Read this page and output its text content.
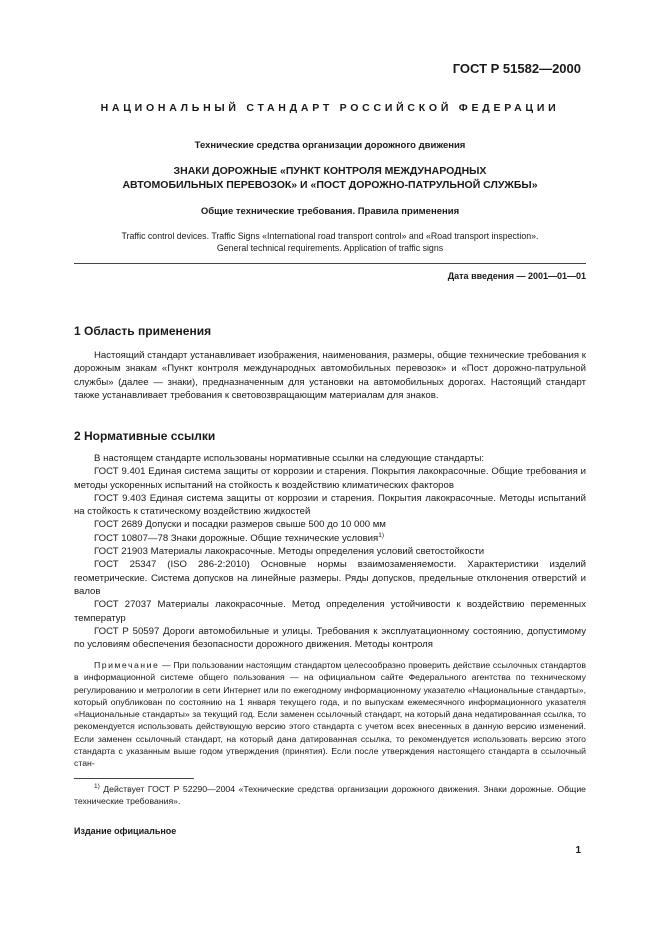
ГОСТ Р 51582—2000
НАЦИОНАЛЬНЫЙ СТАНДАРТ РОССИЙСКОЙ ФЕДЕРАЦИИ
Технические средства организации дорожного движения
ЗНАКИ ДОРОЖНЫЕ «ПУНКТ КОНТРОЛЯ МЕЖДУНАРОДНЫХ
АВТОМОБИЛЬНЫХ ПЕРЕВОЗОК» И «ПОСТ ДОРОЖНО-ПАТРУЛЬНОЙ СЛУЖБЫ»
Общие технические требования. Правила применения
Traffic control devices. Traffic Signs «International road transport control» and «Road transport inspection».
General technical requirements. Application of traffic signs
Дата введения — 2001—01—01
1 Область применения

Настоящий стандарт устанавливает изображения, наименования, размеры, общие технические требования к дорожным знакам «Пункт контроля международных автомобильных перевозок» и «Пост дорожно-патрульной службы» (далее — знаки), предназначенным для установки на автомобильных дорогах. Настоящий стандарт также устанавливает требования к световозвращающим материалам для знаков.

2 Нормативные ссылки

В настоящем стандарте использованы нормативные ссылки на следующие стандарты:

ГОСТ 9.401 Единая система защиты от коррозии и старения. Покрытия лакокрасочные. Общие требования и методы ускоренных испытаний на стойкость к воздействию климатических факторов

ГОСТ 9.403 Единая система защиты от коррозии и старения. Покрытия лакокрасочные. Методы испытаний на стойкость к статическому воздействию жидкостей

ГОСТ 2689 Допуски и посадки размеров свыше 500 до 10 000 мм

ГОСТ 10807—78 Знаки дорожные. Общие технические условия$^{1)}$

ГОСТ 21903 Материалы лакокрасочные. Методы определения условий светостойкости

ГОСТ 25347 (ISO 286-2:2010) Основные нормы взаимозаменяемости. Характеристики изделий геометрические. Система допусков на линейные размеры. Ряды допусков, предельные отклонения отверстий и валов

ГОСТ 27037 Материалы лакокрасочные. Метод определения устойчивости к воздействию переменных температур

ГОСТ Р 50597 Дороги автомобильные и улицы. Требования к эксплуатационному состоянию, допустимому по условиям обеспечения безопасности дорожного движения. Методы контроля

Примечание — При пользовании настоящим стандартом целесообразно проверить действие ссылочных стандартов в информационной системе общего пользования — на официальном сайте Федерального агентства по техническому регулированию и метрологии в сети Интернет или по ежегодному информационному указателю «Национальные стандарты», который опубликован по состоянию на 1 января текущего года, и по выпускам ежемесячного информационного указателя «Национальные стандарты» за текущий год. Если заменен ссылочный стандарт, на который дана недатированная ссылка, то рекомендуется использовать действующую версию этого стандарта с учетом всех внесенных в данную версию изменений. Если заменен ссылочный стандарт, на который дана датированная ссылка, то рекомендуется использовать версию этого стандарта с указанным выше годом утверждения (принятия). Если после утверждения настоящего стандарта в ссылочный стан-

$^{1)}$ Действует ГОСТ Р 52290—2004 «Технические средства организации дорожного движения. Знаки дорожные. Общие технические требования».

Издание официальное
1
